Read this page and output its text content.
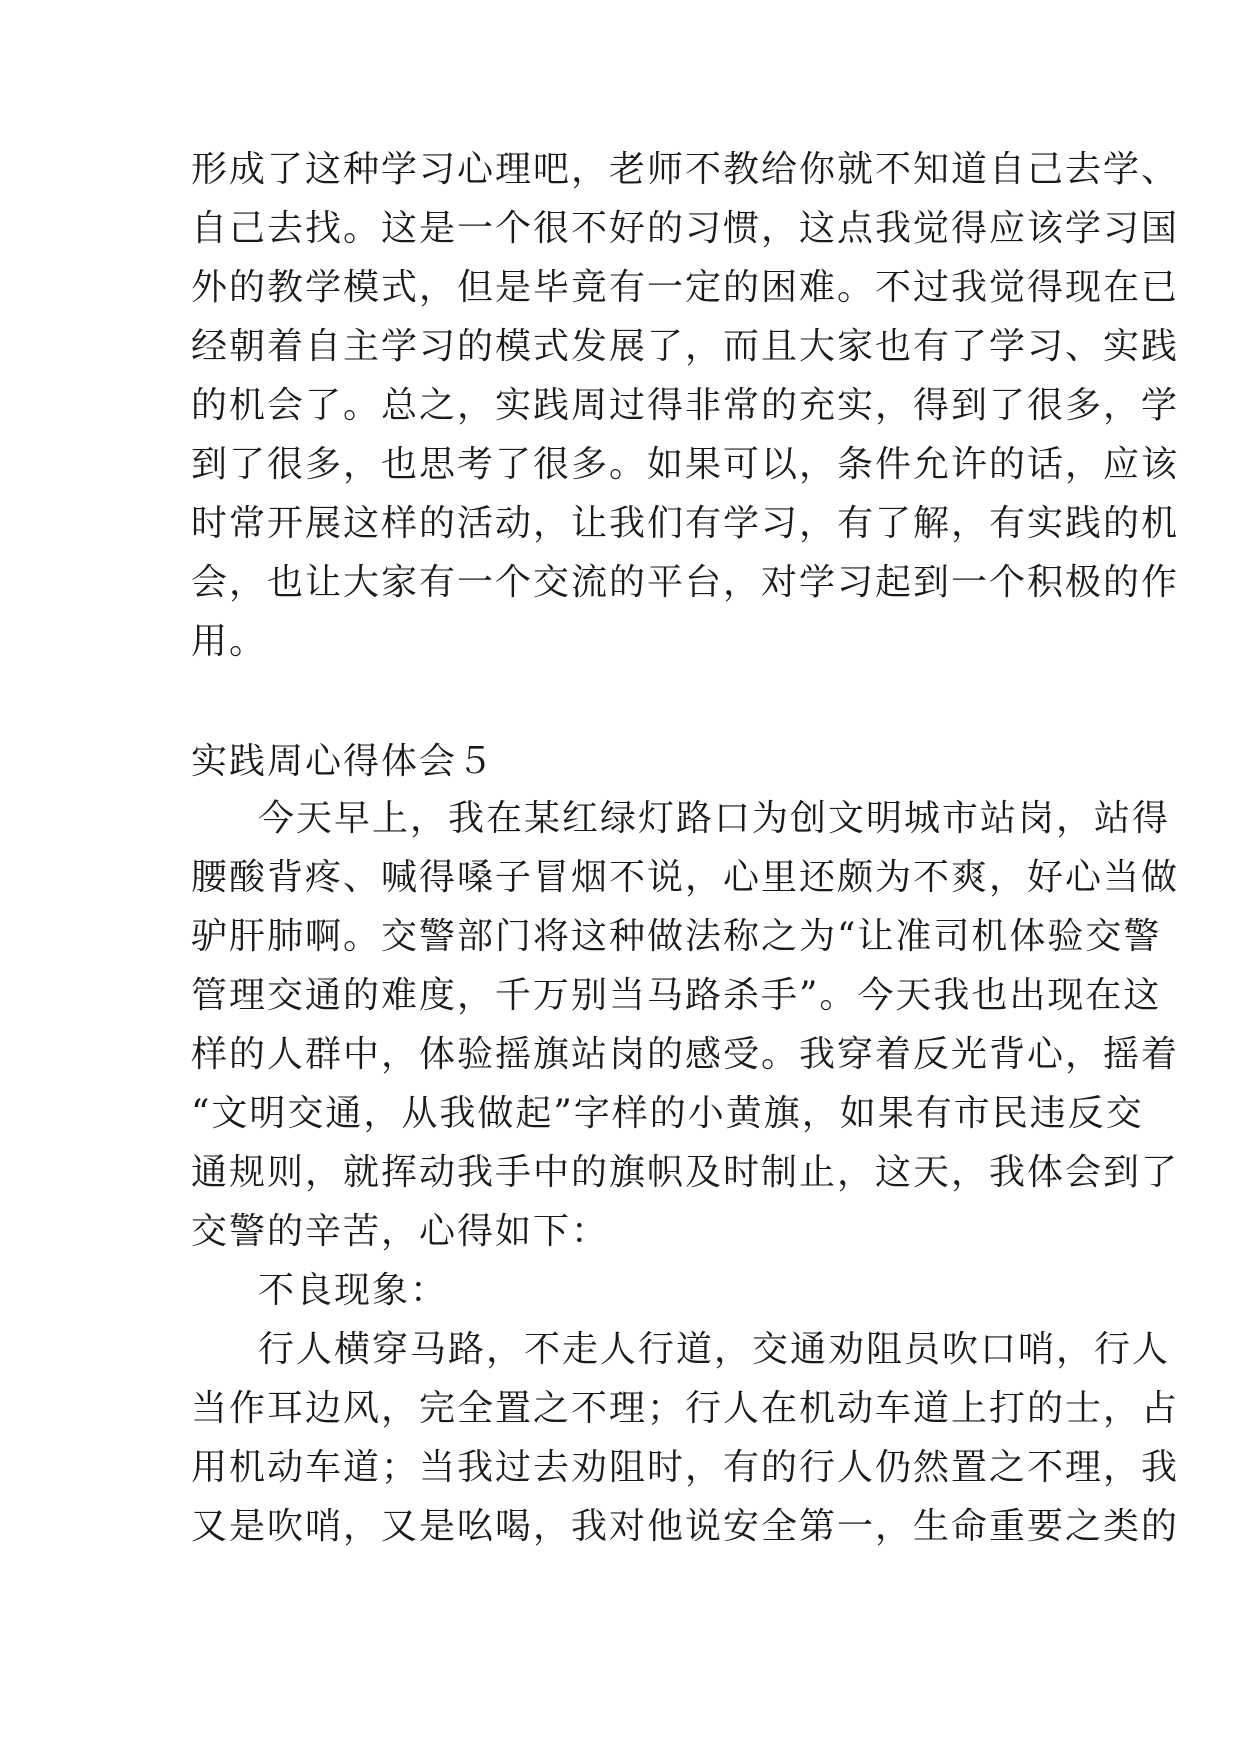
形成了这种学习心理吧，老师不教给你就不知道自己去学、
自己去找。这是一个很不好的习惯，这点我觉得应该学习国
外的教学模式，但是毕竟有一定的困难。不过我觉得现在已
经朝着自主学习的模式发展了，而且大家也有了学习、实践
的机会了。总之，实践周过得非常的充实，得到了很多，学
到了很多，也思考了很多。如果可以，条件允许的话，应该
时常开展这样的活动，让我们有学习，有了解，有实践的机
会，也让大家有一个交流的平台，对学习起到一个积极的作
用。
实践周心得体会５
今天早上，我在某红绿灯路口为创文明城市站岗，站得
腰酸背疼、喊得嗓子冒烟不说，心里还颇为不爽，好心当做
驴肝肺啊。交警部门将这种做法称之为“让准司机体验交警
管理交通的难度，千万别当马路杀手”。今天我也出现在这
样的人群中，体验摇旗站岗的感受。我穿着反光背心，摇着
“文明交通，从我做起”字样的小黄旗，如果有市民违反交
通规则，就挥动我手中的旗帜及时制止，这天，我体会到了
交警的辛苦，心得如下：
不良现象：
行人横穿马路，不走人行道，交通劝阻员吹口哨，行人
当作耳边风，完全置之不理；行人在机动车道上打的士，占
用机动车道；当我过去劝阻时，有的行人仍然置之不理，我
又是吹哨，又是吆喝，我对他说安全第一，生命重要之类的
